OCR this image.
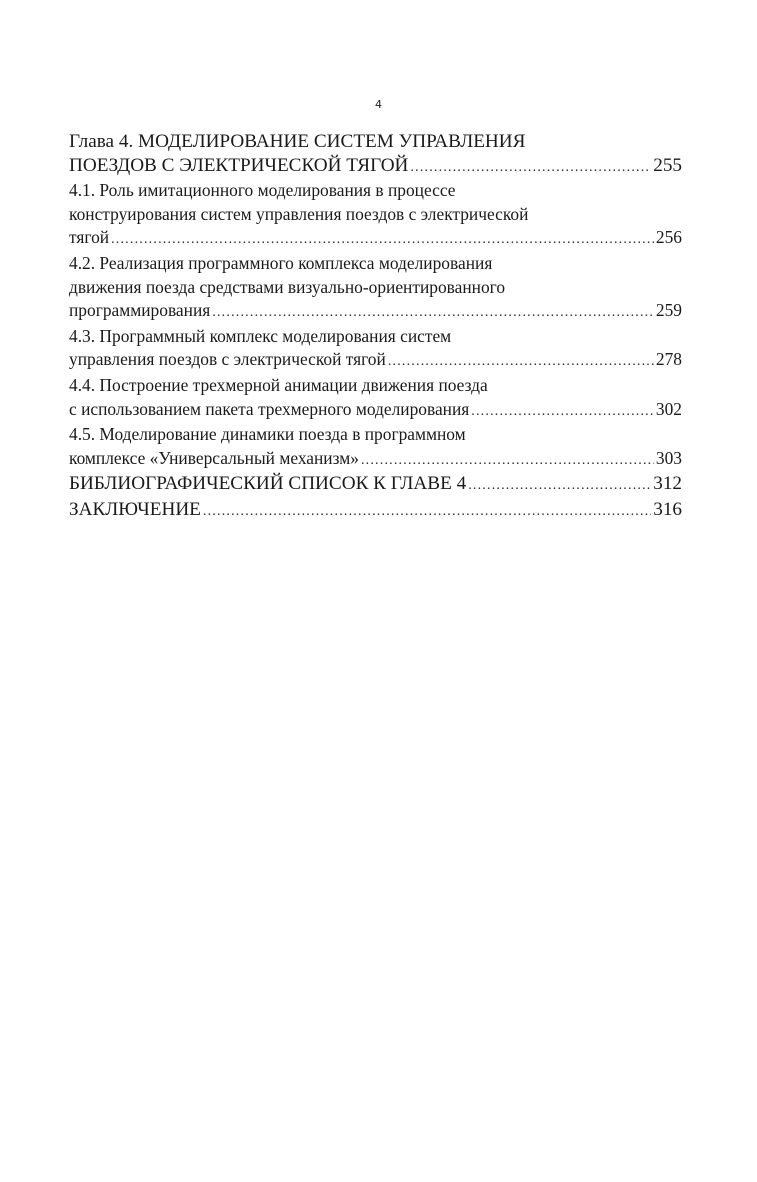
4
Глава 4. МОДЕЛИРОВАНИЕ СИСТЕМ УПРАВЛЕНИЯ
ПОЕЗДОВ С ЭЛЕКТРИЧЕСКОЙ ТЯГОЙ .....	255
4.1. Роль имитационного моделирования в процессе
конструирования систем управления поездов с электрической
тягой .....	256
4.2. Реализация программного комплекса моделирования
движения поезда средствами визуально-ориентированного
программирования .....	259
4.3. Программный комплекс моделирования систем
управления поездов с электрической тягой .....	278
4.4. Построение трехмерной анимации движения поезда
с использованием пакета трехмерного моделирования .....	302
4.5. Моделирование динамики поезда в программном
комплексе «Универсальный механизм» .....	303
БИБЛИОГРАФИЧЕСКИЙ СПИСОК К ГЛАВЕ 4 .....	312
ЗАКЛЮЧЕНИЕ .....	316
